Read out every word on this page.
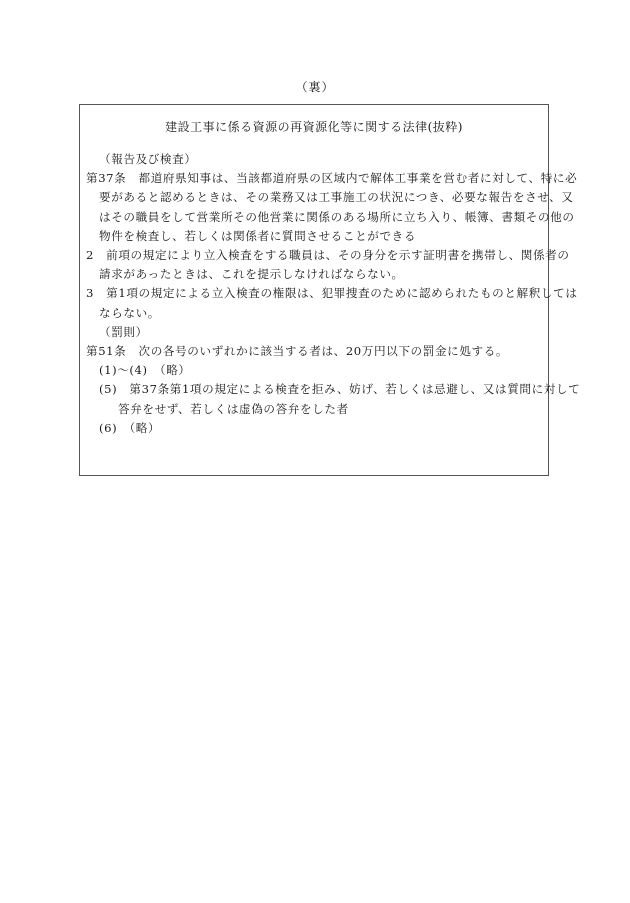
（裏）
建設工事に係る資源の再資源化等に関する法律(抜粋)
（報告及び検査）
第37条　都道府県知事は、当該都道府県の区域内で解体工事業を営む者に対して、特に必
要があると認めるときは、その業務又は工事施工の状況につき、必要な報告をさせ、又
はその職員をして営業所その他営業に関係のある場所に立ち入り、帳簿、書類その他の
物件を検査し、若しくは関係者に質問させることができる
2　前項の規定により立入検査をする職員は、その身分を示す証明書を携帯し、関係者の
請求があったときは、これを提示しなければならない。
3　第1項の規定による立入検査の権限は、犯罪捜査のために認められたものと解釈しては
ならない。
（罰則）
第51条　次の各号のいずれかに該当する者は、20万円以下の罰金に処する。
(1)～(4)　（略）
(5)　第37条第1項の規定による検査を拒み、妨げ、若しくは忌避し、又は質問に対して
答弁をせず、若しくは虚偽の答弁をした者
(6)　（略）
